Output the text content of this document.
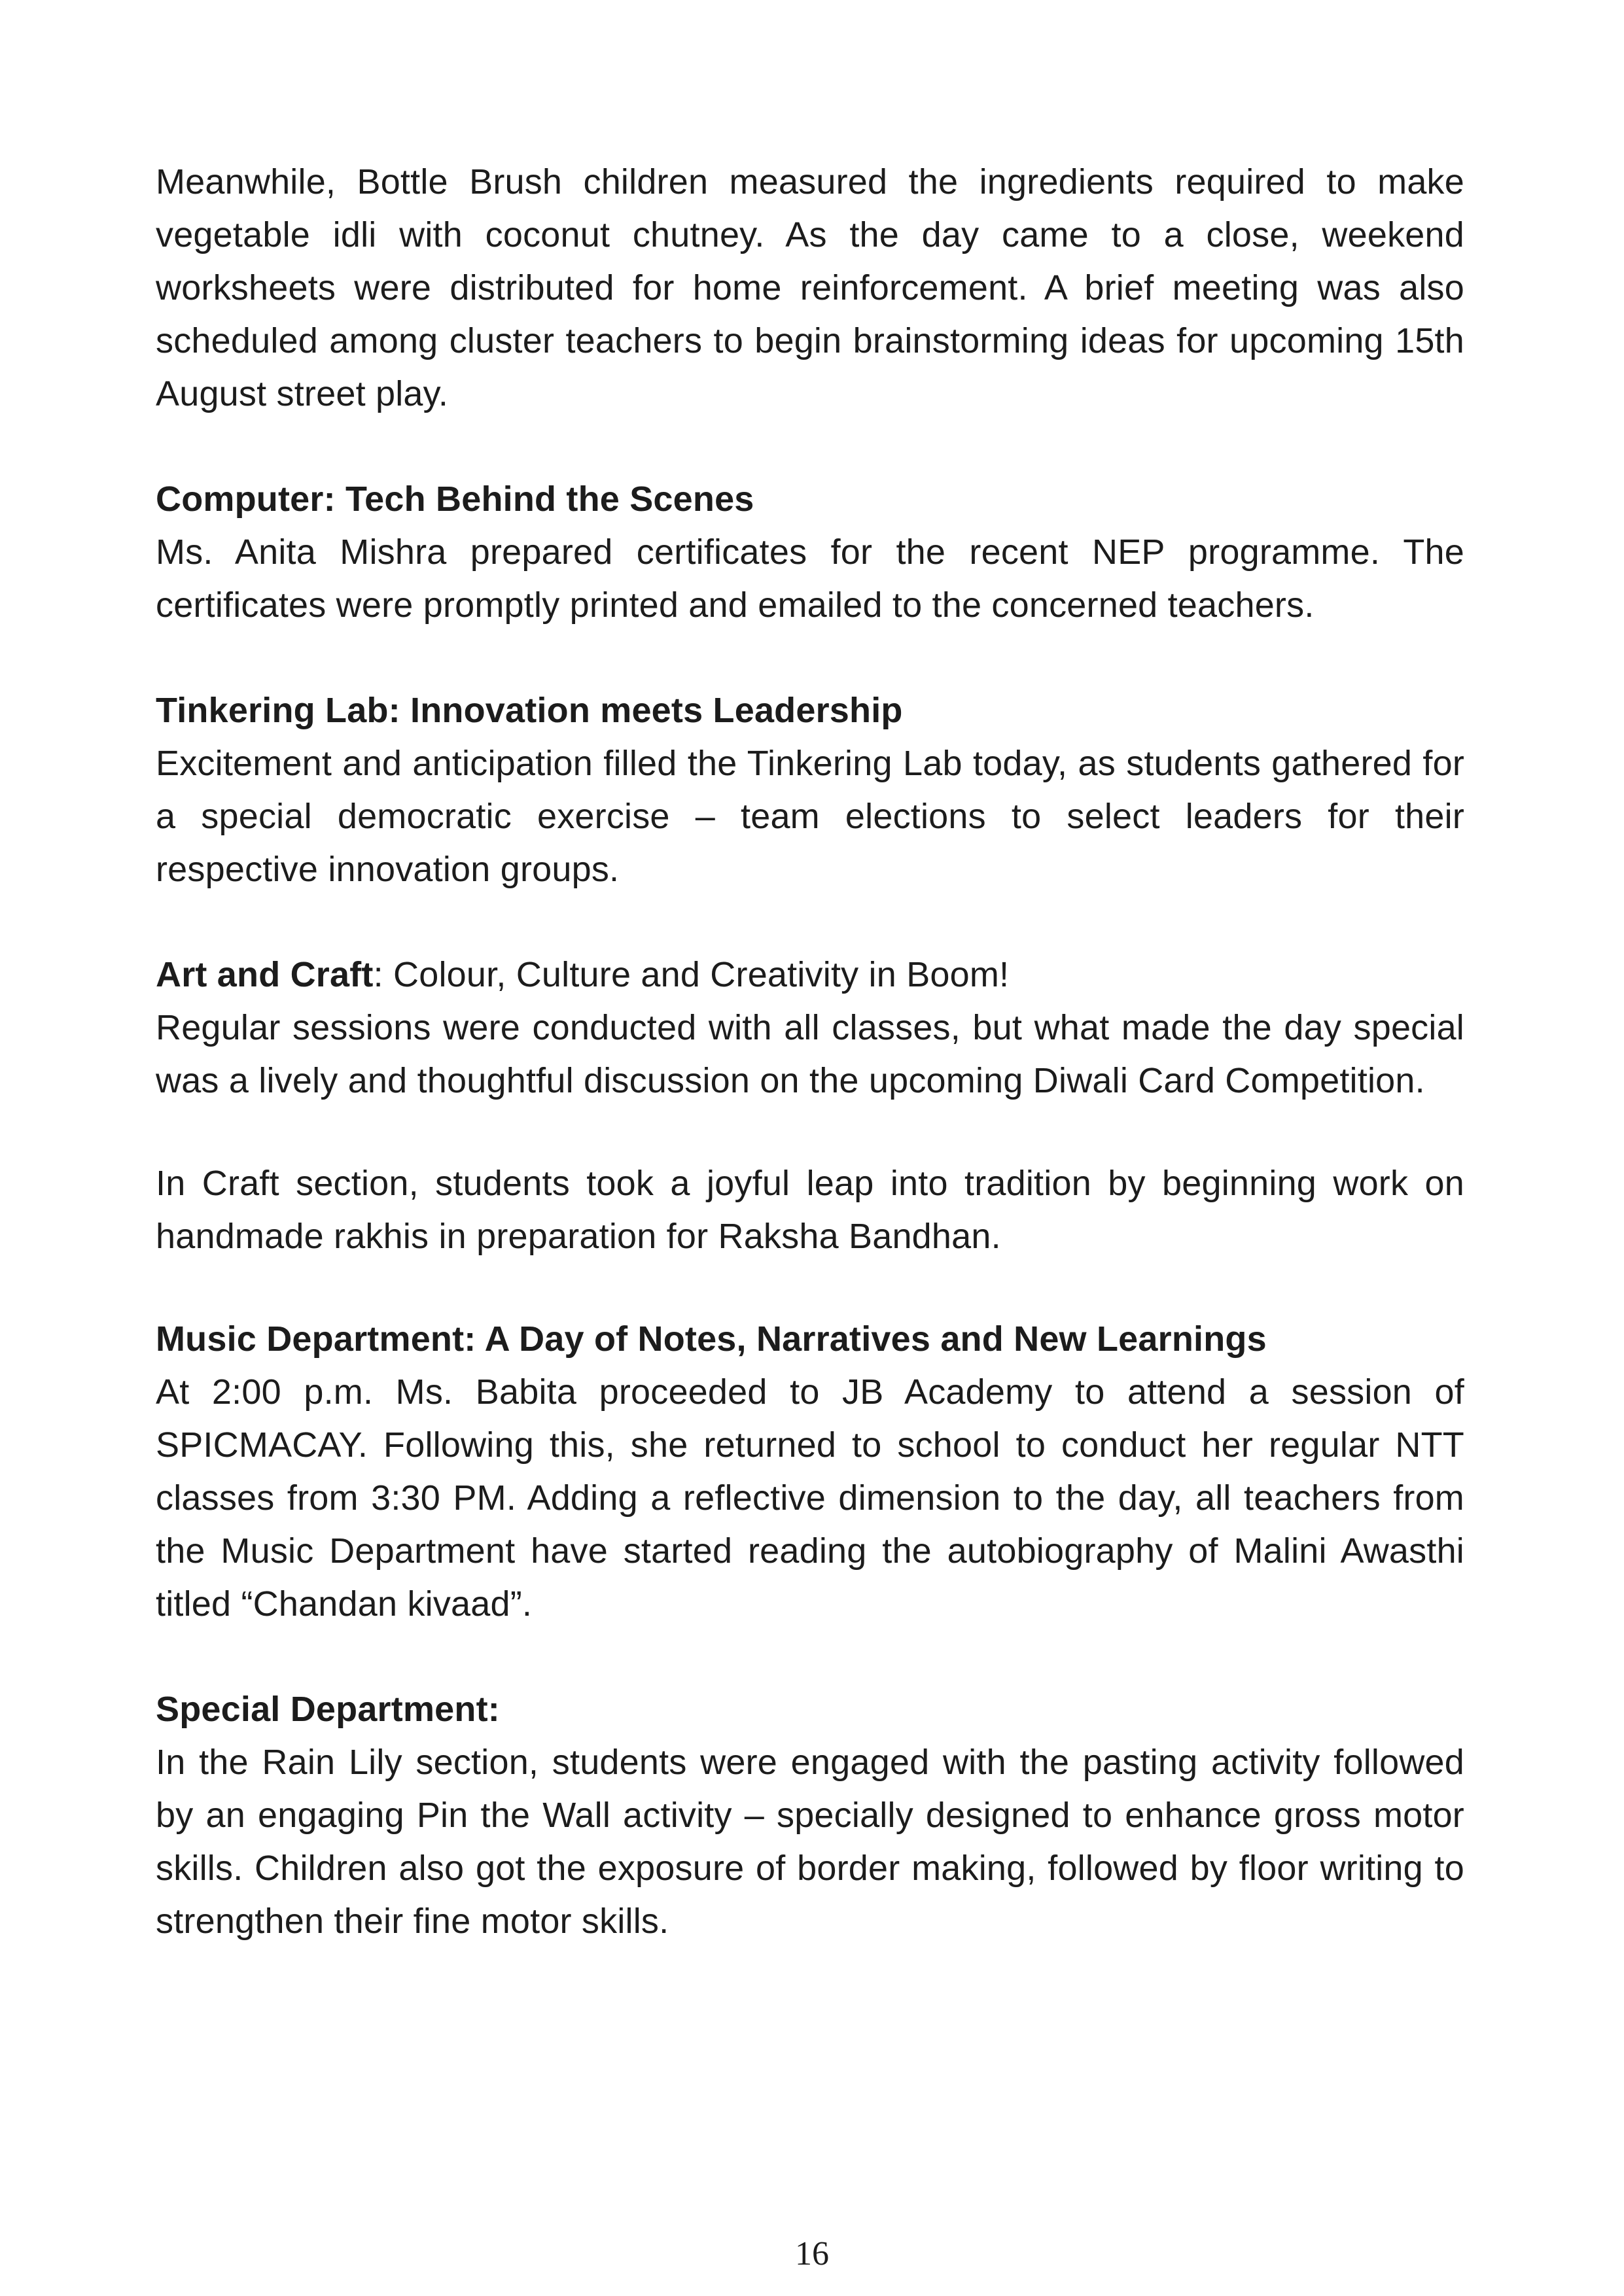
Meanwhile, Bottle Brush children measured the ingredients required to make vegetable idli with coconut chutney. As the day came to a close, weekend worksheets were distributed for home reinforcement. A brief meeting was also scheduled among cluster teachers to begin brainstorming ideas for upcoming 15th August street play.

Computer: Tech Behind the Scenes

Ms. Anita Mishra prepared certificates for the recent NEP programme. The certificates were promptly printed and emailed to the concerned teachers.

Tinkering Lab: Innovation meets Leadership

Excitement and anticipation filled the Tinkering Lab today, as students gathered for a special democratic exercise – team elections to select leaders for their respective innovation groups.

Art and Craft: Colour, Culture and Creativity in Boom!

Regular sessions were conducted with all classes, but what made the day special was a lively and thoughtful discussion on the upcoming Diwali Card Competition.

In Craft section, students took a joyful leap into tradition by beginning work on handmade rakhis in preparation for Raksha Bandhan.

Music Department: A Day of Notes, Narratives and New Learnings

At 2:00 p.m. Ms. Babita proceeded to JB Academy to attend a session of SPICMACAY. Following this, she returned to school to conduct her regular NTT classes from 3:30 PM. Adding a reflective dimension to the day, all teachers from the Music Department have started reading the autobiography of Malini Awasthi titled “Chandan kivaad”.

Special Department:

In the Rain Lily section, students were engaged with the pasting activity followed by an engaging Pin the Wall activity – specially designed to enhance gross motor skills. Children also got the exposure of border making, followed by floor writing to strengthen their fine motor skills.

16
